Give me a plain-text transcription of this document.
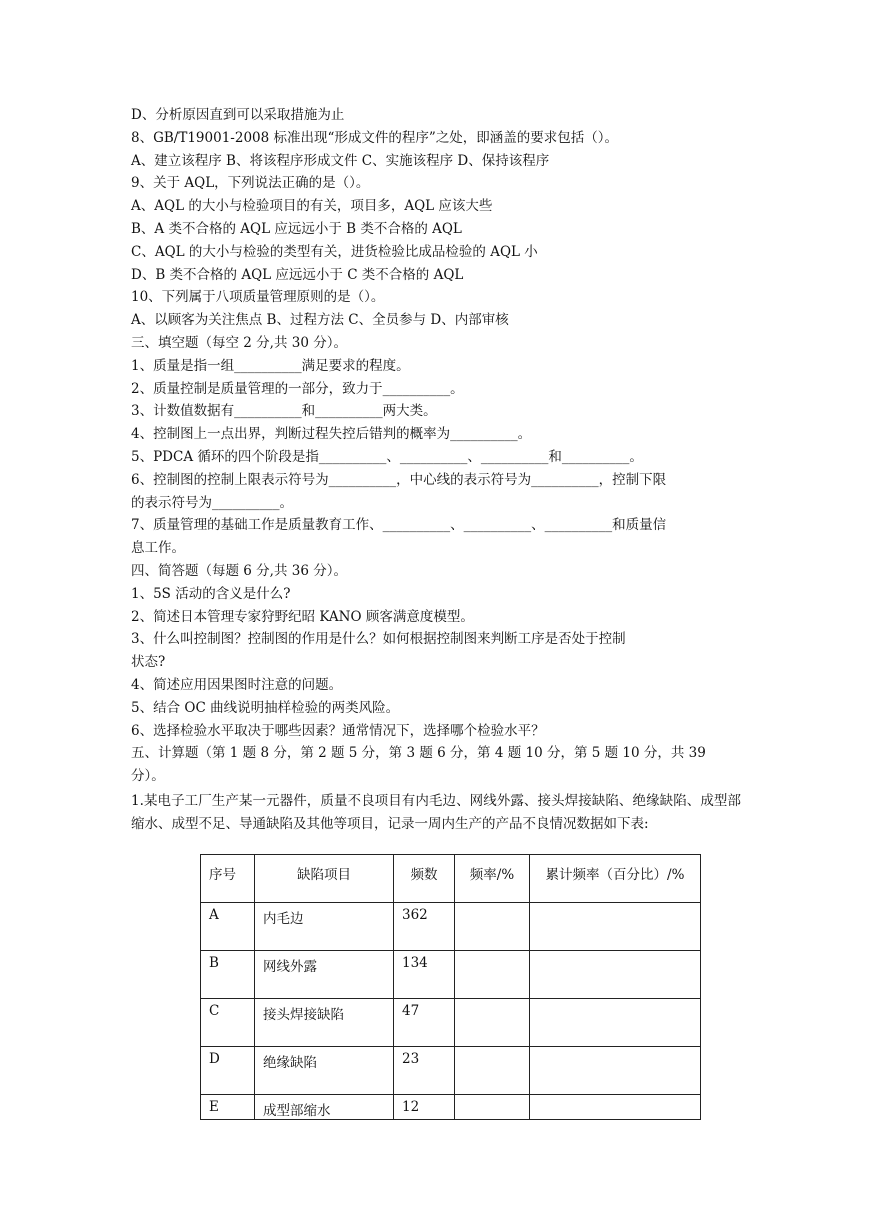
D、分析原因直到可以采取措施为止
8、GB/T19001-2008 标准出现“形成文件的程序”之处，即涵盖的要求包括（）。
A、建立该程序 B、将该程序形成文件 C、实施该程序 D、保持该程序
9、关于 AQL，下列说法正确的是（）。
A、AQL 的大小与检验项目的有关，项目多，AQL 应该大些
B、A 类不合格的 AQL 应远远小于 B 类不合格的 AQL
C、AQL 的大小与检验的类型有关，进货检验比成品检验的 AQL 小
D、B 类不合格的 AQL 应远远小于 C 类不合格的 AQL
10、下列属于八项质量管理原则的是（）。
A、以顾客为关注焦点 B、过程方法 C、全员参与 D、内部审核
三、填空题（每空 2 分,共 30 分）。
1、质量是指一组__________满足要求的程度。
2、质量控制是质量管理的一部分，致力于__________。
3、计数值数据有__________和__________两大类。
4、控制图上一点出界，判断过程失控后错判的概率为__________。
5、PDCA 循环的四个阶段是指__________、__________、__________和__________。
6、控制图的控制上限表示符号为__________，中心线的表示符号为__________，控制下限
的表示符号为__________。
7、质量管理的基础工作是质量教育工作、__________、__________、__________和质量信
息工作。
四、简答题（每题 6 分,共 36 分）。
1、5S 活动的含义是什么?
2、简述日本管理专家狩野纪昭 KANO 顾客满意度模型。
3、什么叫控制图？控制图的作用是什么？如何根据控制图来判断工序是否处于控制
状态?
4、简述应用因果图时注意的问题。
5、结合 OC 曲线说明抽样检验的两类风险。
6、选择检验水平取决于哪些因素？通常情况下，选择哪个检验水平？
五、计算题（第 1 题 8 分，第 2 题 5 分，第 3 题 6 分，第 4 题 10 分，第 5 题 10 分，共 39
分）。
1.某电子工厂生产某一元器件，质量不良项目有内毛边、网线外露、接头焊接缺陷、绝缘缺陷、成型部缩水、成型不足、导通缺陷及其他等项目，记录一周内生产的产品不良情况数据如下表:
序号	缺陷项目	频数	频率/%	累计频率（百分比）/%
A	内毛边	362		
B	网线外露	134		
C	接头焊接缺陷	47		
D	绝缘缺陷	23		
E	成型部缩水	12		
